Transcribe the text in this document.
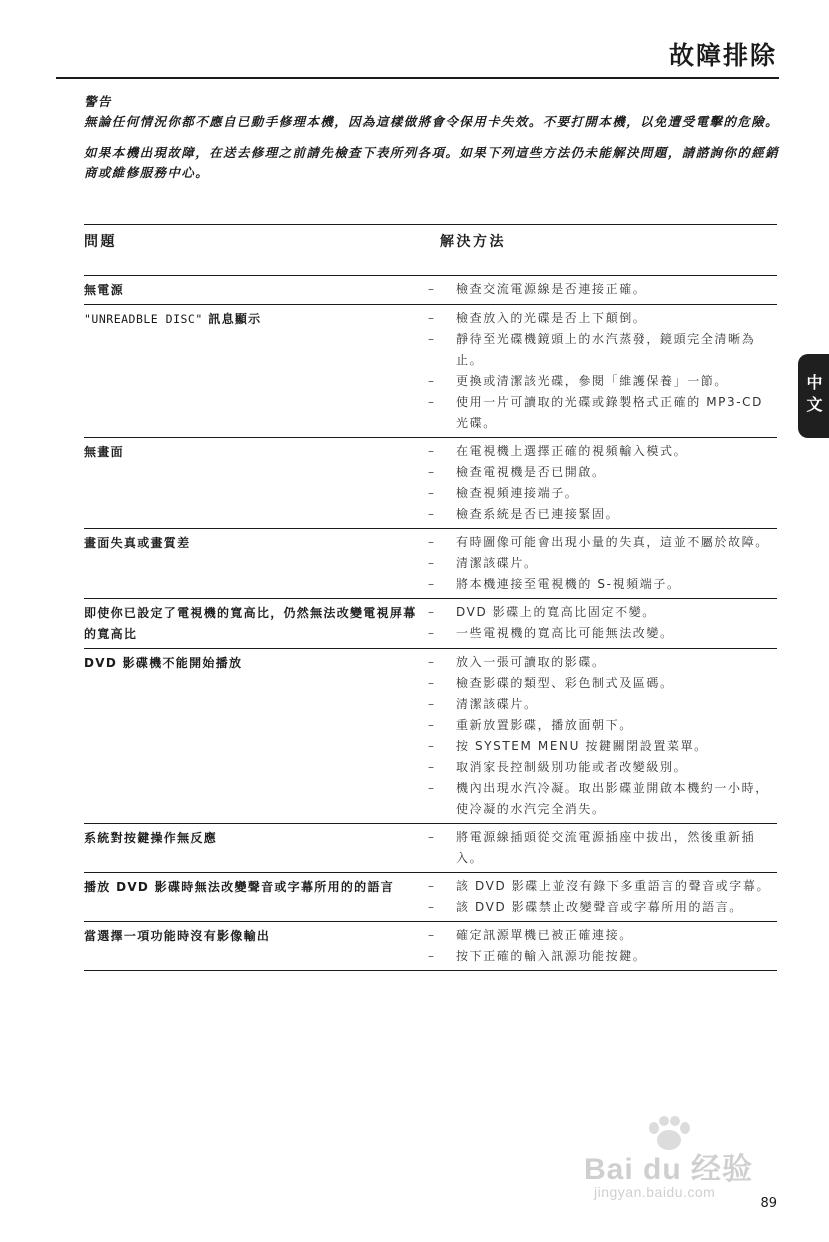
故障排除

警告
無論任何情況你都不應自已動手修理本機，因為這樣做將會令保用卡失效。不要打開本機，以免遭受電擊的危險。

如果本機出現故障，在送去修理之前請先檢查下表所列各項。如果下列這些方法仍未能解決問題，請諮詢你的經銷商或維修服務中心。

問題	解決方法
無電源	– 檢查交流電源線是否連接正確。
"UNREADBLE DISC" 訊息顯示	– 檢查放入的光碟是否上下顛倒。
– 靜待至光碟機鏡頭上的水汽蒸發，鏡頭完全清晰為止。
– 更換或清潔該光碟，參閱「維護保養」一節。
– 使用一片可讀取的光碟或錄製格式正確的 MP3-CD 光碟。
無畫面	– 在電視機上選擇正確的視頻輸入模式。
– 檢查電視機是否已開啟。
– 檢查視頻連接端子。
– 檢查系統是否已連接緊固。
畫面失真或畫質差	– 有時圖像可能會出現小量的失真，這並不屬於故障。
– 清潔該碟片。
– 將本機連接至電視機的 S-視頻端子。
即使你已設定了電視機的寬高比，仍然無法改變電視屏幕的寬高比
– DVD 影碟上的寬高比固定不變。
– 一些電視機的寬高比可能無法改變。
DVD 影碟機不能開始播放	– 放入一張可讀取的影碟。
– 檢查影碟的類型、彩色制式及區碼。
– 清潔該碟片。
– 重新放置影碟，播放面朝下。
– 按 SYSTEM MENU 按鍵關閉設置菜單。
– 取消家長控制級別功能或者改變級別。
– 機內出現水汽冷凝。取出影碟並開啟本機約一小時，使冷凝的水汽完全消失。
系統對按鍵操作無反應	– 將電源線插頭從交流電源插座中拔出，然後重新插入。
播放 DVD 影碟時無法改變聲音或字幕所用的的語言	– 該 DVD 影碟上並沒有錄下多重語言的聲音或字幕。
– 該 DVD 影碟禁止改變聲音或字幕所用的語言。
當選擇一項功能時沒有影像輸出	– 確定訊源單機已被正確連接。
– 按下正確的輸入訊源功能按鍵。
中文
Bai du 经验
jingyan.baidu.com
89
